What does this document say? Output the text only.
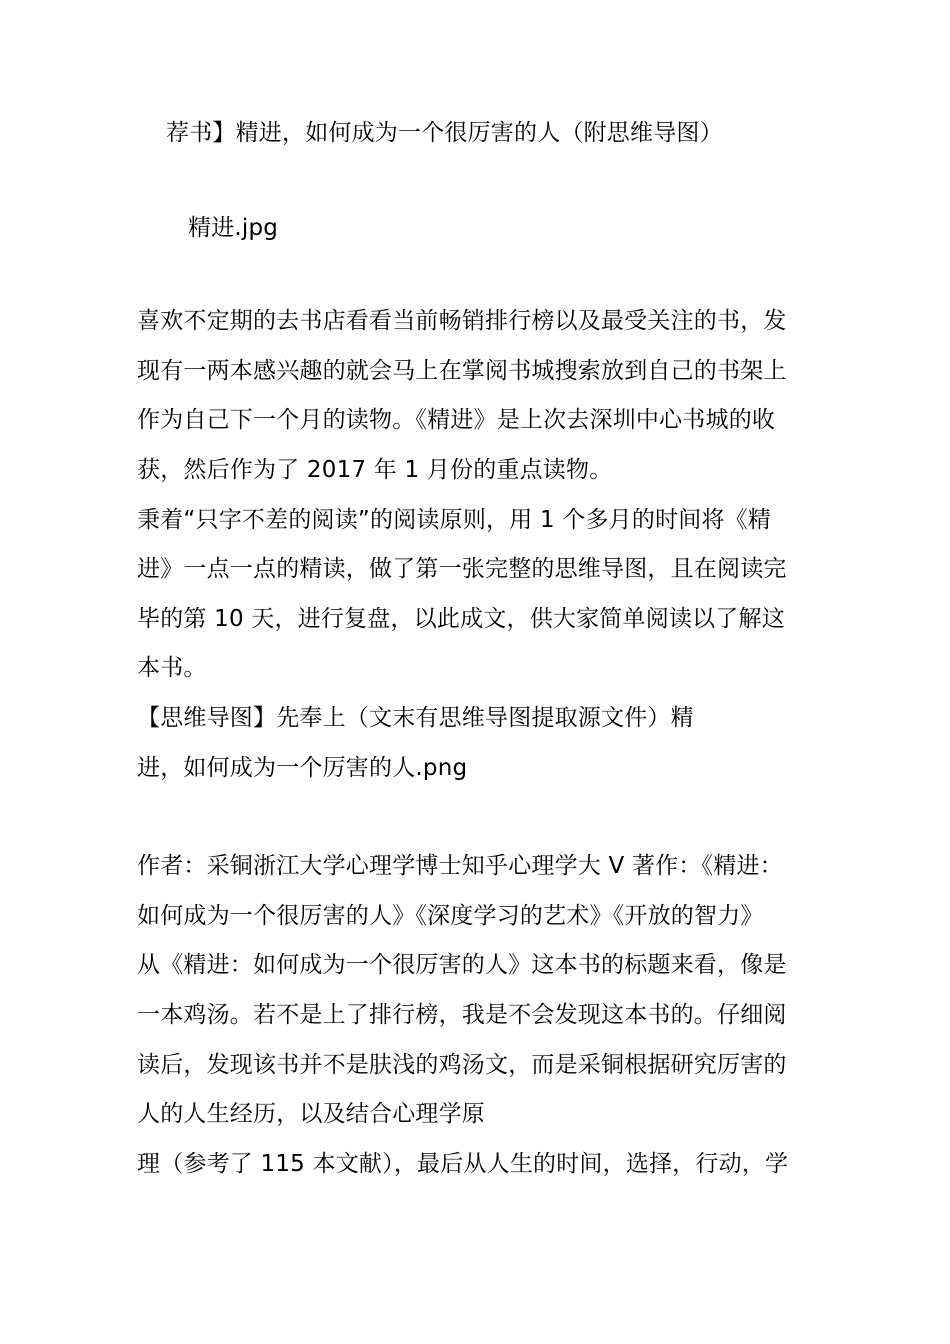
荐书】精进，如何成为一个很厉害的人（附思维导图）
精进.jpg
喜欢不定期的去书店看看当前畅销排行榜以及最受关注的书，发
现有一两本感兴趣的就会马上在掌阅书城搜索放到自己的书架上
作为自己下一个月的读物。《精进》是上次去深圳中心书城的收
获，然后作为了 2017 年 1 月份的重点读物。
秉着“只字不差的阅读”的阅读原则，用 1 个多月的时间将《精
进》一点一点的精读，做了第一张完整的思维导图，且在阅读完
毕的第 10 天，进行复盘，以此成文，供大家简单阅读以了解这
本书。
【思维导图】先奉上（文末有思维导图提取源文件）精
进，如何成为一个厉害的人.png
作者：采铜浙江大学心理学博士知乎心理学大 V 著作：《精进：
如何成为一个很厉害的人》《深度学习的艺术》《开放的智力》
从《精进：如何成为一个很厉害的人》这本书的标题来看，像是
一本鸡汤。若不是上了排行榜，我是不会发现这本书的。仔细阅
读后，发现该书并不是肤浅的鸡汤文，而是采铜根据研究厉害的
人的人生经历，以及结合心理学原
理（参考了 115 本文献），最后从人生的时间，选择，行动，学
